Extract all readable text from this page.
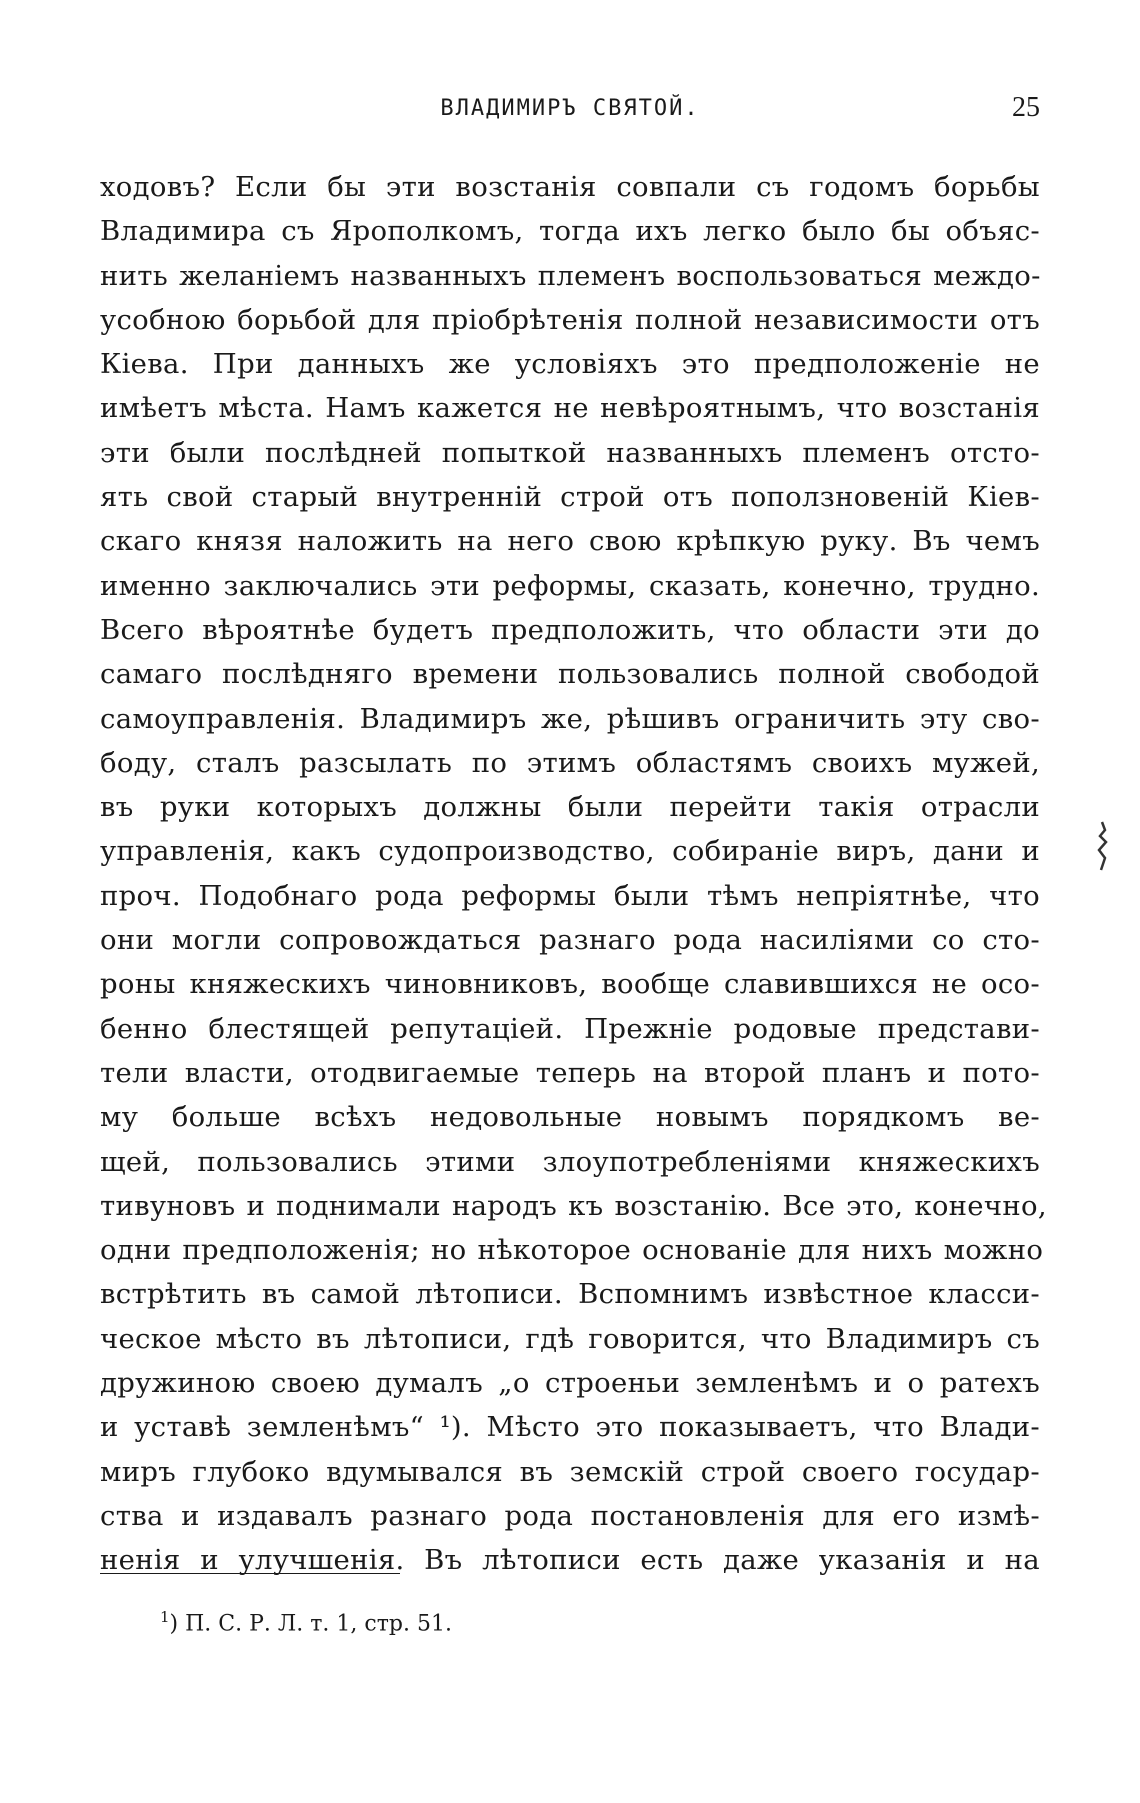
ВЛАДИМИРЪ СВЯТОЙ.	25
ходовъ? Если бы эти возстанія совпали съ годомъ борьбы
Владимира съ Ярополкомъ, тогда ихъ легко было бы объяс-
нить желаніемъ названныхъ племенъ воспользоваться междо-
усобною борьбой для пріобрѣтенія полной независимости отъ
Кіева. При данныхъ же условіяхъ это предположеніе не
имѣетъ мѣста. Намъ кажется не невѣроятнымъ, что возстанія
эти были послѣдней попыткой названныхъ племенъ отсто-
ять свой старый внутренній строй отъ поползновеній Кіев-
скаго князя наложить на него свою крѣпкую руку. Въ чемъ
именно заключались эти реформы, сказать, конечно, трудно.
Всего вѣроятнѣе будетъ предположить, что области эти до
самаго послѣдняго времени пользовались полной свободой
самоуправленія. Владимиръ же, рѣшивъ ограничить эту сво-
боду, сталъ разсылать по этимъ областямъ своихъ мужей,
въ руки которыхъ должны были перейти такія отрасли
управленія, какъ судопроизводство, собираніе виръ, дани и
проч. Подобнаго рода реформы были тѣмъ непріятнѣе, что
они могли сопровождаться разнаго рода насиліями со сто-
роны княжескихъ чиновниковъ, вообще славившихся не осо-
бенно блестящей репутаціей. Прежніе родовые представи-
тели власти, отодвигаемые теперь на второй планъ и пото-
му больше всѣхъ недовольные новымъ порядкомъ ве-
щей, пользовались этими злоупотребленіями княжескихъ
тивуновъ и поднимали народъ къ возстанію. Все это, конечно,
одни предположенія; но нѣкоторое основаніе для нихъ можно
встрѣтить въ самой лѣтописи. Вспомнимъ извѣстное класси-
ческое мѣсто въ лѣтописи, гдѣ говорится, что Владимиръ съ
дружиною своею думалъ „о строеньи земленѣмъ и о ратехъ
и уставѣ земленѣмъ“ ¹). Мѣсто это показываетъ, что Влади-
миръ глубоко вдумывался въ земскій строй своего государ-
ства и издавалъ разнаго рода постановленія для его измѣ-
ненія и улучшенія. Въ лѣтописи есть даже указанія и на
$^1$) П. С. Р. Л. т. 1, стр. 51.
